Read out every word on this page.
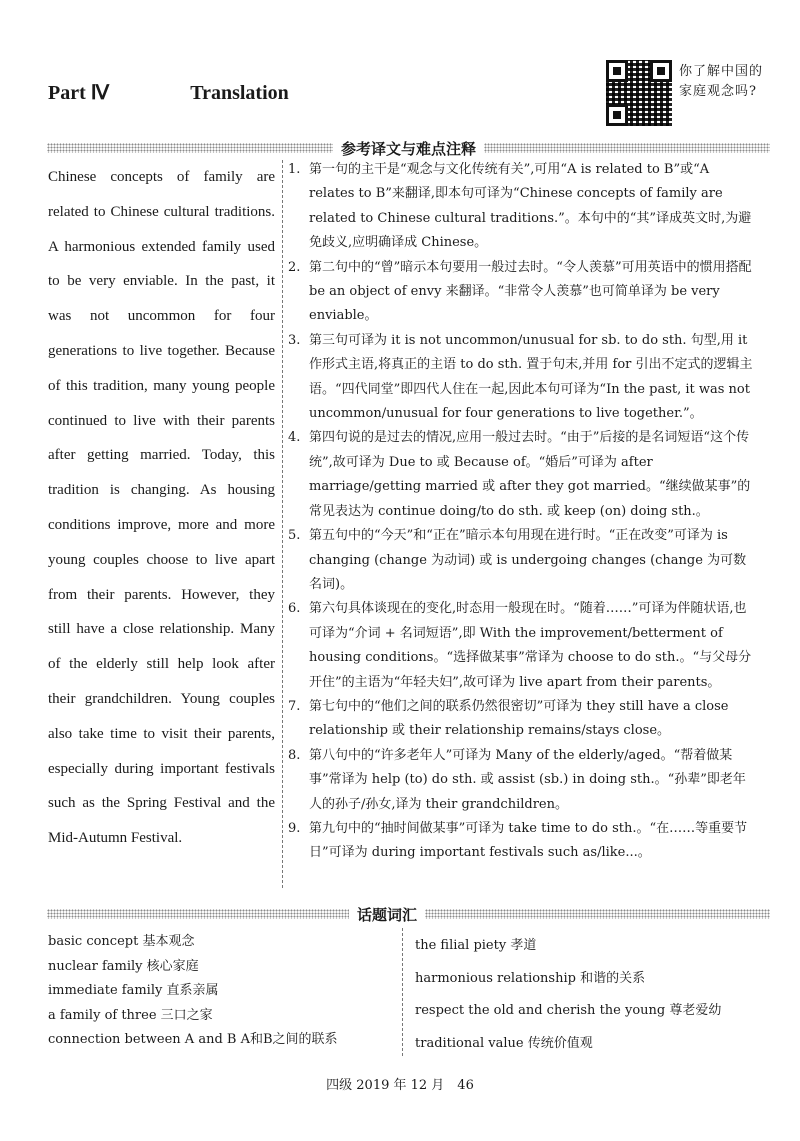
Part Ⅳ	Translation
你了解中国的家庭观念吗?
参考译文与难点注释
Chinese concepts of family are related to Chinese cultural traditions. A harmonious extended family used to be very enviable. In the past, it was not uncommon for four generations to live together. Because of this tradition, many young people continued to live with their parents after getting married. Today, this tradition is changing. As housing conditions improve, more and more young couples choose to live apart from their parents. However, they still have a close relationship. Many of the elderly still help look after their grandchildren. Young couples also take time to visit their parents, especially during important festivals such as the Spring Festival and the Mid-Autumn Festival.
1. 第一句的主干是“观念与文化传统有关”,可用“A is related to B”或“A relates to B”来翻译,即本句可译为“Chinese concepts of family are related to Chinese cultural traditions.”。本句中的“其”译成英文时,为避免歧义,应明确译成 Chinese。
2. 第二句中的“曾”暗示本句要用一般过去时。“令人羡慕”可用英语中的惯用搭配 be an object of envy 来翻译。“非常令人羡慕”也可简单译为 be very enviable。
3. 第三句可译为 it is not uncommon/unusual for sb. to do sth. 句型,用 it 作形式主语,将真正的主语 to do sth. 置于句末,并用 for 引出不定式的逻辑主语。“四代同堂”即四代人住在一起,因此本句可译为“In the past, it was not uncommon/unusual for four generations to live together.”。
4. 第四句说的是过去的情况,应用一般过去时。“由于”后接的是名词短语“这个传统”,故可译为 Due to 或 Because of。“婚后”可译为 after marriage/getting married 或 after they got married。“继续做某事”的常见表达为 continue doing/to do sth. 或 keep (on) doing sth.。
5. 第五句中的“今天”和“正在”暗示本句用现在进行时。“正在改变”可译为 is changing (change 为动词) 或 is undergoing changes (change 为可数名词)。
6. 第六句具体谈现在的变化,时态用一般现在时。“随着……”可译为伴随状语,也可译为“介词 + 名词短语”,即 With the improvement/betterment of housing conditions。“选择做某事”常译为 choose to do sth.。“与父母分开住”的主语为“年轻夫妇”,故可译为 live apart from their parents。
7. 第七句中的“他们之间的联系仍然很密切”可译为 they still have a close relationship 或 their relationship remains/stays close。
8. 第八句中的“许多老年人”可译为 Many of the elderly/aged。“帮着做某事”常译为 help (to) do sth. 或 assist (sb.) in doing sth.。“孙辈”即老年人的孙子/孙女,译为 their grandchildren。
9. 第九句中的“抽时间做某事”可译为 take time to do sth.。“在……等重要节日”可译为 during important festivals such as/like...。
话题词汇
basic concept 基本观念
nuclear family 核心家庭
immediate family 直系亲属
a family of three 三口之家
connection between A and B A和B之间的联系
the filial piety 孝道
harmonious relationship 和谐的关系
respect the old and cherish the young 尊老爱幼
traditional value 传统价值观
四级 2019 年 12 月　46
